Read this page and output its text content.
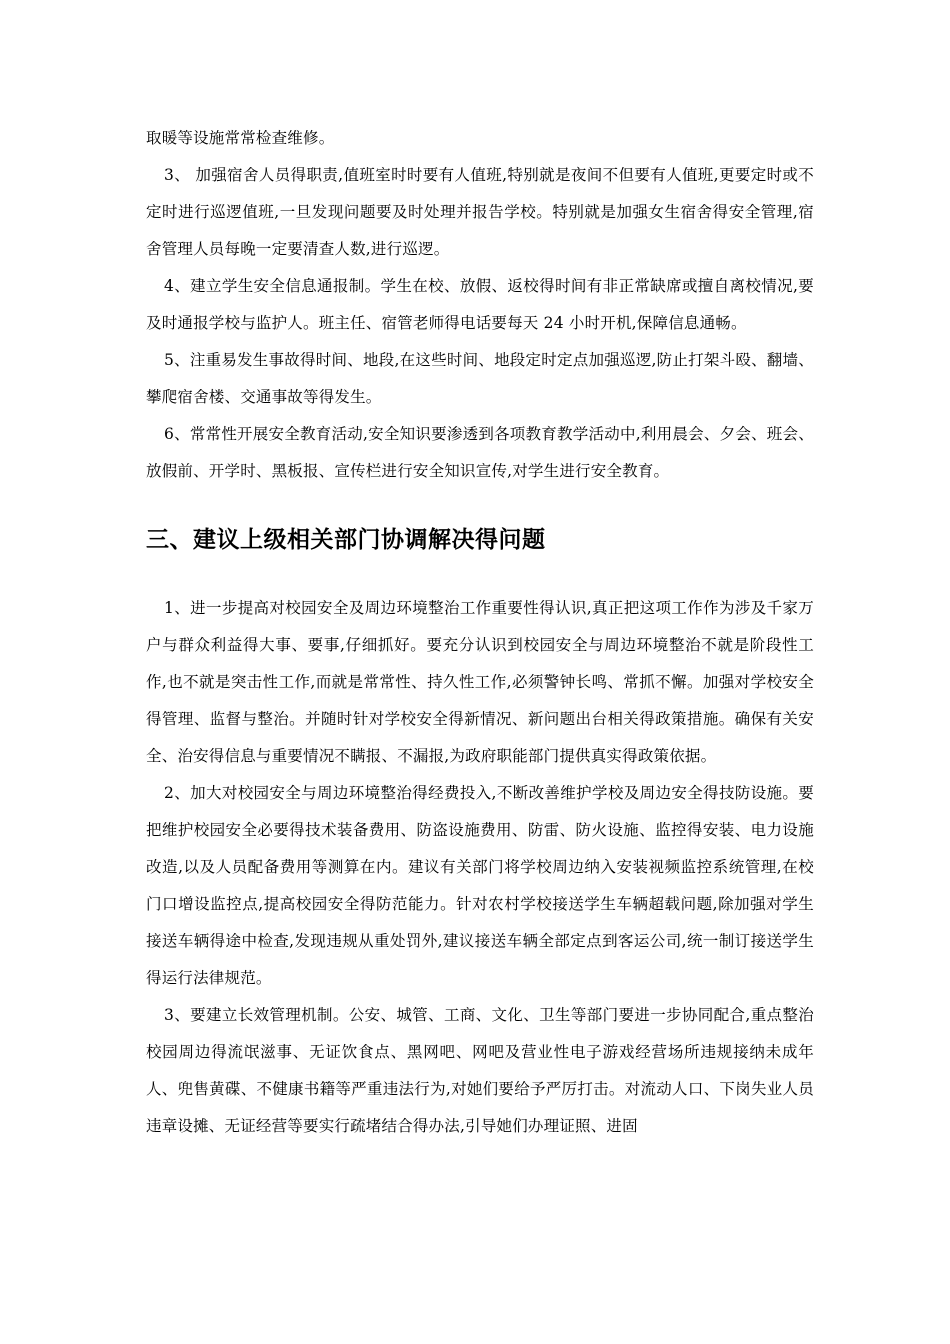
取暖等设施常常检查维修。

3、 加强宿舍人员得职责,值班室时时要有人值班,特别就是夜间不但要有人值班,更要定时或不定时进行巡逻值班,一旦发现问题要及时处理并报告学校。特别就是加强女生宿舍得安全管理,宿舍管理人员每晚一定要清查人数,进行巡逻。

4、建立学生安全信息通报制。学生在校、放假、返校得时间有非正常缺席或擅自离校情况,要及时通报学校与监护人。班主任、宿管老师得电话要每天 24 小时开机,保障信息通畅。

5、注重易发生事故得时间、地段,在这些时间、地段定时定点加强巡逻,防止打架斗殴、翻墙、攀爬宿舍楼、交通事故等得发生。

6、常常性开展安全教育活动,安全知识要渗透到各项教育教学活动中,利用晨会、夕会、班会、放假前、开学时、黑板报、宣传栏进行安全知识宣传,对学生进行安全教育。

三、建议上级相关部门协调解决得问题

1、进一步提高对校园安全及周边环境整治工作重要性得认识,真正把这项工作作为涉及千家万户与群众利益得大事、要事,仔细抓好。要充分认识到校园安全与周边环境整治不就是阶段性工作,也不就是突击性工作,而就是常常性、持久性工作,必须警钟长鸣、常抓不懈。加强对学校安全得管理、监督与整治。并随时针对学校安全得新情况、新问题出台相关得政策措施。确保有关安全、治安得信息与重要情况不瞒报、不漏报,为政府职能部门提供真实得政策依据。

2、加大对校园安全与周边环境整治得经费投入,不断改善维护学校及周边安全得技防设施。要把维护校园安全必要得技术装备费用、防盗设施费用、防雷、防火设施、监控得安装、电力设施改造,以及人员配备费用等测算在内。建议有关部门将学校周边纳入安装视频监控系统管理,在校门口增设监控点,提高校园安全得防范能力。针对农村学校接送学生车辆超载问题,除加强对学生接送车辆得途中检查,发现违规从重处罚外,建议接送车辆全部定点到客运公司,统一制订接送学生得运行法律规范。

3、要建立长效管理机制。公安、城管、工商、文化、卫生等部门要进一步协同配合,重点整治校园周边得流氓滋事、无证饮食点、黑网吧、网吧及营业性电子游戏经营场所违规接纳未成年人、兜售黄碟、不健康书籍等严重违法行为,对她们要给予严厉打击。对流动人口、下岗失业人员违章设摊、无证经营等要实行疏堵结合得办法,引导她们办理证照、进固
